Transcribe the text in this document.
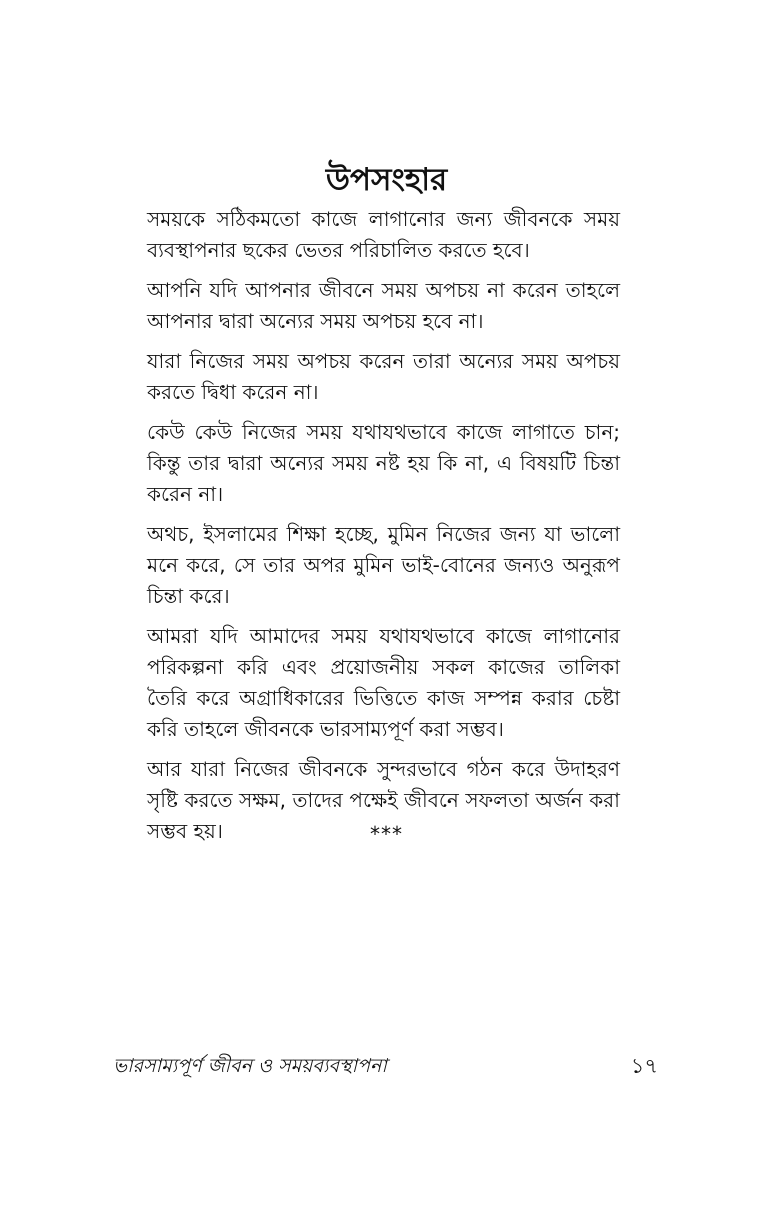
উপসংহার

সময়কে সঠিকমতো কাজে লাগানোর জন্য জীবনকে সময় ব্যবস্থাপনার ছকের ভেতর পরিচালিত করতে হবে।

আপনি যদি আপনার জীবনে সময় অপচয় না করেন তাহলে আপনার দ্বারা অন্যের সময় অপচয় হবে না।

যারা নিজের সময় অপচয় করেন তারা অন্যের সময় অপচয় করতে দ্বিধা করেন না।

কেউ কেউ নিজের সময় যথাযথভাবে কাজে লাগাতে চান; কিন্তু তার দ্বারা অন্যের সময় নষ্ট হয় কি না, এ বিষয়টি চিন্তা করেন না।

অথচ, ইসলামের শিক্ষা হচ্ছে, মুমিন নিজের জন্য যা ভালো মনে করে, সে তার অপর মুমিন ভাই-বোনের জন্যও অনুরূপ চিন্তা করে।

আমরা যদি আমাদের সময় যথাযথভাবে কাজে লাগানোর পরিকল্পনা করি এবং প্রয়োজনীয় সকল কাজের তালিকা তৈরি করে অগ্রাধিকারের ভিত্তিতে কাজ সম্পন্ন করার চেষ্টা করি তাহলে জীবনকে ভারসাম্যপূর্ণ করা সম্ভব।

আর যারা নিজের জীবনকে সুন্দরভাবে গঠন করে উদাহরণ সৃষ্টি করতে সক্ষম, তাদের পক্ষেই জীবনে সফলতা অর্জন করা সম্ভব হয়।	***
ভারসাম্যপূর্ণ জীবন ও সময়ব্যবস্থাপনা	১৭
